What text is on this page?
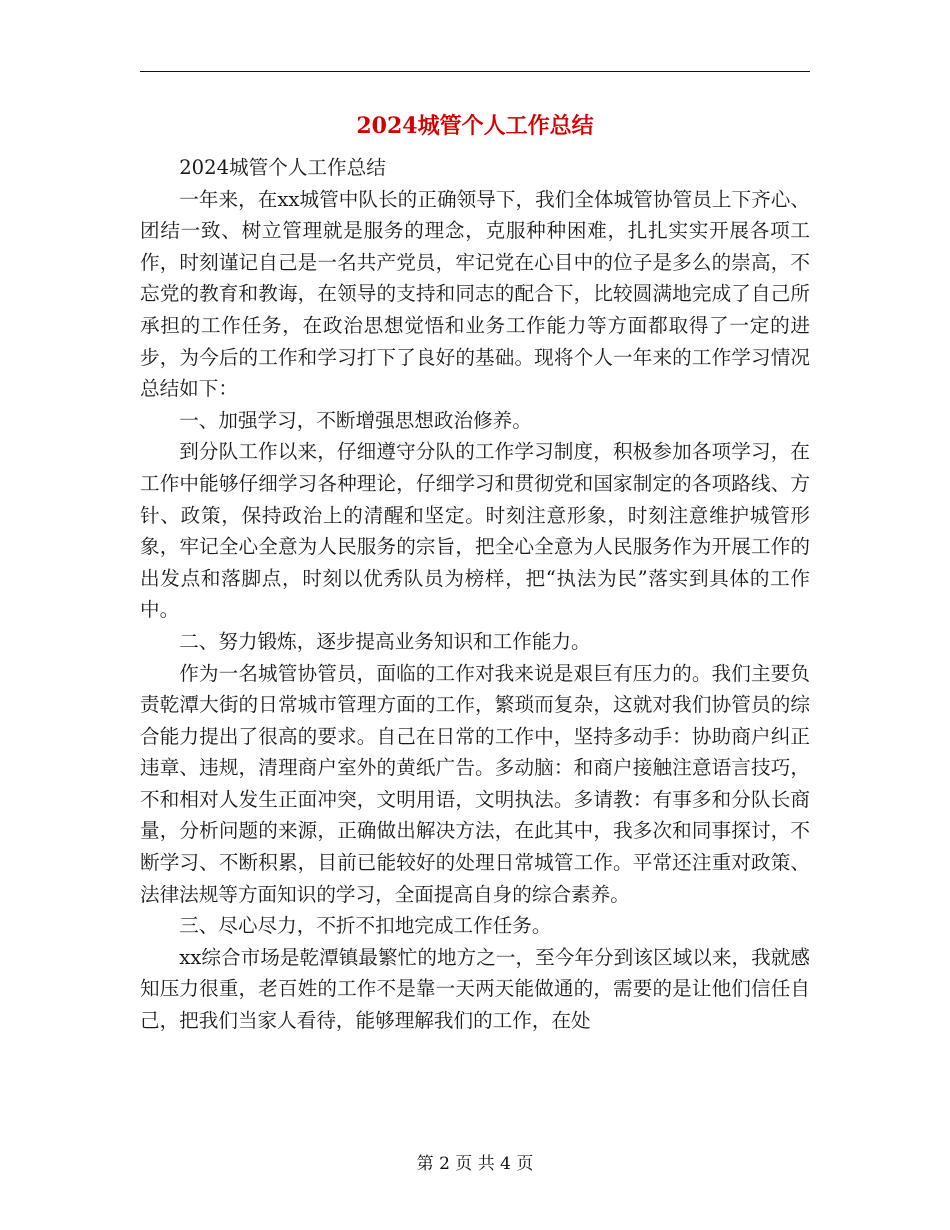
2024城管个人工作总结

2024城管个人工作总结

一年来，在xx城管中队长的正确领导下，我们全体城管协管员上下齐心、团结一致、树立管理就是服务的理念，克服种种困难，扎扎实实开展各项工作，时刻谨记自己是一名共产党员，牢记党在心目中的位子是多么的崇高，不忘党的教育和教诲，在领导的支持和同志的配合下，比较圆满地完成了自己所承担的工作任务，在政治思想觉悟和业务工作能力等方面都取得了一定的进步，为今后的工作和学习打下了良好的基础。现将个人一年来的工作学习情况总结如下：

一、加强学习，不断增强思想政治修养。

到分队工作以来，仔细遵守分队的工作学习制度，积极参加各项学习，在工作中能够仔细学习各种理论，仔细学习和贯彻党和国家制定的各项路线、方针、政策，保持政治上的清醒和坚定。时刻注意形象，时刻注意维护城管形象，牢记全心全意为人民服务的宗旨，把全心全意为人民服务作为开展工作的出发点和落脚点，时刻以优秀队员为榜样，把“执法为民”落实到具体的工作中。

二、努力锻炼，逐步提高业务知识和工作能力。

作为一名城管协管员，面临的工作对我来说是艰巨有压力的。我们主要负责乾潭大街的日常城市管理方面的工作，繁琐而复杂，这就对我们协管员的综合能力提出了很高的要求。自己在日常的工作中，坚持多动手：协助商户纠正违章、违规，清理商户室外的黄纸广告。多动脑：和商户接触注意语言技巧，不和相对人发生正面冲突，文明用语，文明执法。多请教：有事多和分队长商量，分析问题的来源，正确做出解决方法，在此其中，我多次和同事探讨，不断学习、不断积累，目前已能较好的处理日常城管工作。平常还注重对政策、法律法规等方面知识的学习，全面提高自身的综合素养。

三、尽心尽力，不折不扣地完成工作任务。

xx综合市场是乾潭镇最繁忙的地方之一，至今年分到该区域以来，我就感知压力很重，老百姓的工作不是靠一天两天能做通的，需要的是让他们信任自己，把我们当家人看待，能够理解我们的工作，在处

第 2 页 共 4 页
